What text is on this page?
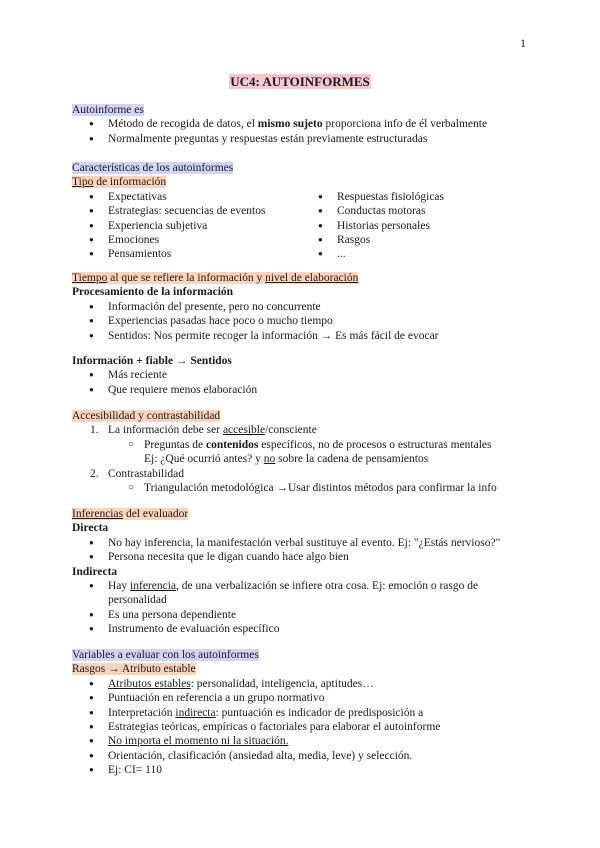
1
UC4: AUTOINFORMES
Autoinforme es
● Método de recogida de datos, el mismo sujeto proporciona info de él verbalmente
● Normalmente preguntas y respuestas están previamente estructuradas
Características de los autoinformes
Tipo de información
● Expectativas
● Estrategias: secuencias de eventos
● Experiencia subjetiva
● Emociones
● Pensamientos
● Respuestas fisiológicas
● Conductas motoras
● Historias personales
● Rasgos
● ...
Tiempo al que se refiere la información y nivel de elaboración
Procesamiento de la información
● Información del presente, pero no concurrente
● Experiencias pasadas hace poco o mucho tiempo
● Sentidos: Nos permite recoger la información → Es más fácil de evocar
Información + fiable → Sentidos
● Más reciente
● Que requiere menos elaboración
Accesibilidad y contrastabilidad
1. La información debe ser accesible/consciente
○ Preguntas de contenidos específicos, no de procesos o estructuras mentales
Ej: ¿Qué ocurrió antes? y no sobre la cadena de pensamientos
2. Contrastabilidad
○ Triangulación metodológica →Usar distintos métodos para confirmar la info
Inferencias del evaluador
Directa
● No hay inferencia, la manifestación verbal sustituye al evento. Ej: "¿Estás nervioso?"
● Persona necesita que le digan cuando hace algo bien
Indirecta
● Hay inferencia, de una verbalización se infiere otra cosa. Ej: emoción o rasgo de
personalidad
● Es una persona dependiente
● Instrumento de evaluación específico
Variables a evaluar con los autoinformes
Rasgos → Atributo estable
● Atributos estables: personalidad, inteligencia, aptitudes…
● Puntuación en referencia a un grupo normativo
● Interpretación indirecta: puntuación es indicador de predisposición a
● Estrategias teóricas, empíricas o factoriales para elaborar el autoinforme
● No importa el momento ni la situación.
● Orientación, clasificación (ansiedad alta, media, leve) y selección.
● Ej: CI= 110
